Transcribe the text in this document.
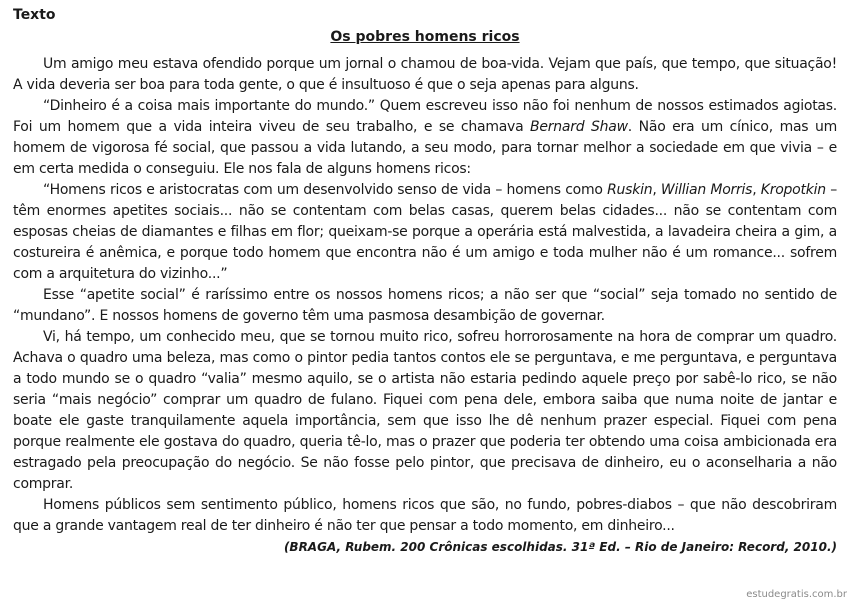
Texto

Os pobres homens ricos

Um amigo meu estava ofendido porque um jornal o chamou de boa-vida. Vejam que país, que tempo, que situação! A vida deveria ser boa para toda gente, o que é insultuoso é que o seja apenas para alguns.

“Dinheiro é a coisa mais importante do mundo.” Quem escreveu isso não foi nenhum de nossos estimados agiotas. Foi um homem que a vida inteira viveu de seu trabalho, e se chamava Bernard Shaw. Não era um cínico, mas um homem de vigorosa fé social, que passou a vida lutando, a seu modo, para tornar melhor a sociedade em que vivia – e em certa medida o conseguiu. Ele nos fala de alguns homens ricos:

“Homens ricos e aristocratas com um desenvolvido senso de vida – homens como Ruskin, Willian Morris, Kropotkin – têm enormes apetites sociais... não se contentam com belas casas, querem belas cidades... não se contentam com esposas cheias de diamantes e filhas em flor; queixam-se porque a operária está malvestida, a lavadeira cheira a gim, a costureira é anêmica, e porque todo homem que encontra não é um amigo e toda mulher não é um romance... sofrem com a arquitetura do vizinho...”

Esse “apetite social” é raríssimo entre os nossos homens ricos; a não ser que “social” seja tomado no sentido de “mundano”. E nossos homens de governo têm uma pasmosa desambição de governar.

Vi, há tempo, um conhecido meu, que se tornou muito rico, sofreu horrorosamente na hora de comprar um quadro. Achava o quadro uma beleza, mas como o pintor pedia tantos contos ele se perguntava, e me perguntava, e perguntava a todo mundo se o quadro “valia” mesmo aquilo, se o artista não estaria pedindo aquele preço por sabê-lo rico, se não seria “mais negócio” comprar um quadro de fulano. Fiquei com pena dele, embora saiba que numa noite de jantar e boate ele gaste tranquilamente aquela importância, sem que isso lhe dê nenhum prazer especial. Fiquei com pena porque realmente ele gostava do quadro, queria tê-lo, mas o prazer que poderia ter obtendo uma coisa ambicionada era estragado pela preocupação do negócio. Se não fosse pelo pintor, que precisava de dinheiro, eu o aconselharia a não comprar.

Homens públicos sem sentimento público, homens ricos que são, no fundo, pobres-diabos – que não descobriram que a grande vantagem real de ter dinheiro é não ter que pensar a todo momento, em dinheiro...

(BRAGA, Rubem. 200 Crônicas escolhidas. 31ª Ed. – Rio de Janeiro: Record, 2010.)
estudegratis.com.br
